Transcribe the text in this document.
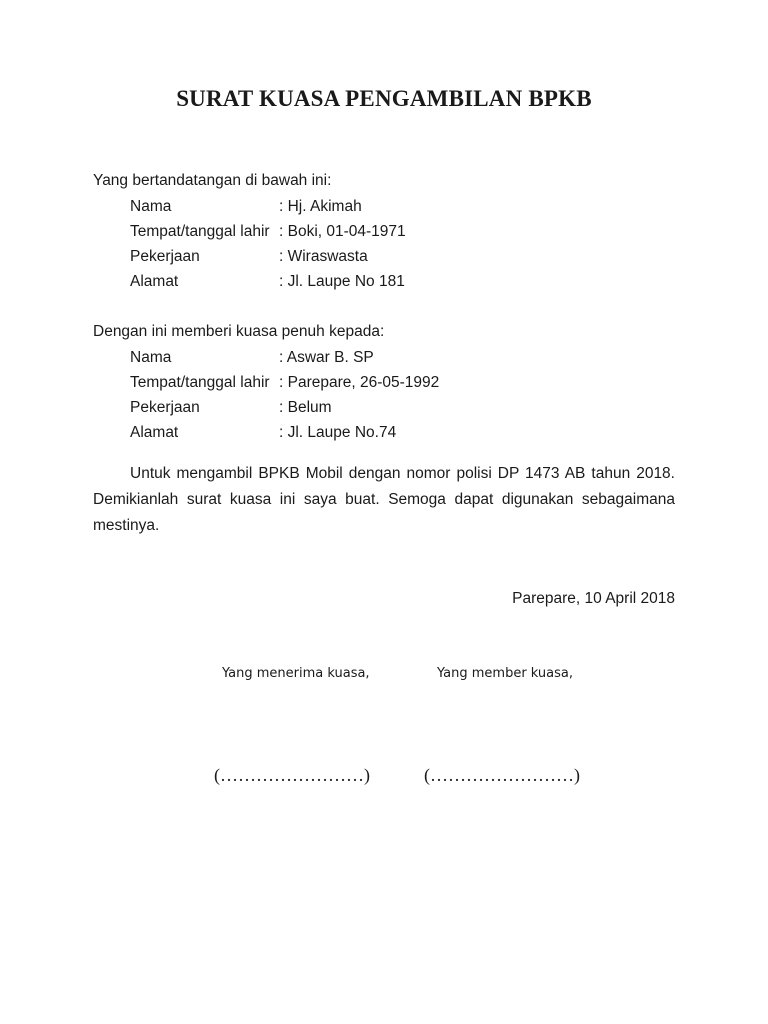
SURAT KUASA PENGAMBILAN BPKB
Yang bertandatangan di bawah ini:
Nama	: Hj. Akimah
Tempat/tanggal lahir : Boki, 01-04-1971
Pekerjaan	: Wiraswasta
Alamat	: Jl. Laupe No 181
Dengan ini memberi kuasa penuh kepada:
Nama	: Aswar B. SP
Tempat/tanggal lahir : Parepare, 26-05-1992
Pekerjaan	: Belum
Alamat	: Jl. Laupe No.74
Untuk mengambil BPKB Mobil dengan nomor polisi DP 1473 AB tahun 2018. Demikianlah surat kuasa ini saya buat. Semoga dapat digunakan sebagaimana mestinya.
Parepare, 10 April 2018
Yang menerima kuasa,	Yang member kuasa,
(……………………)	(……………………)
